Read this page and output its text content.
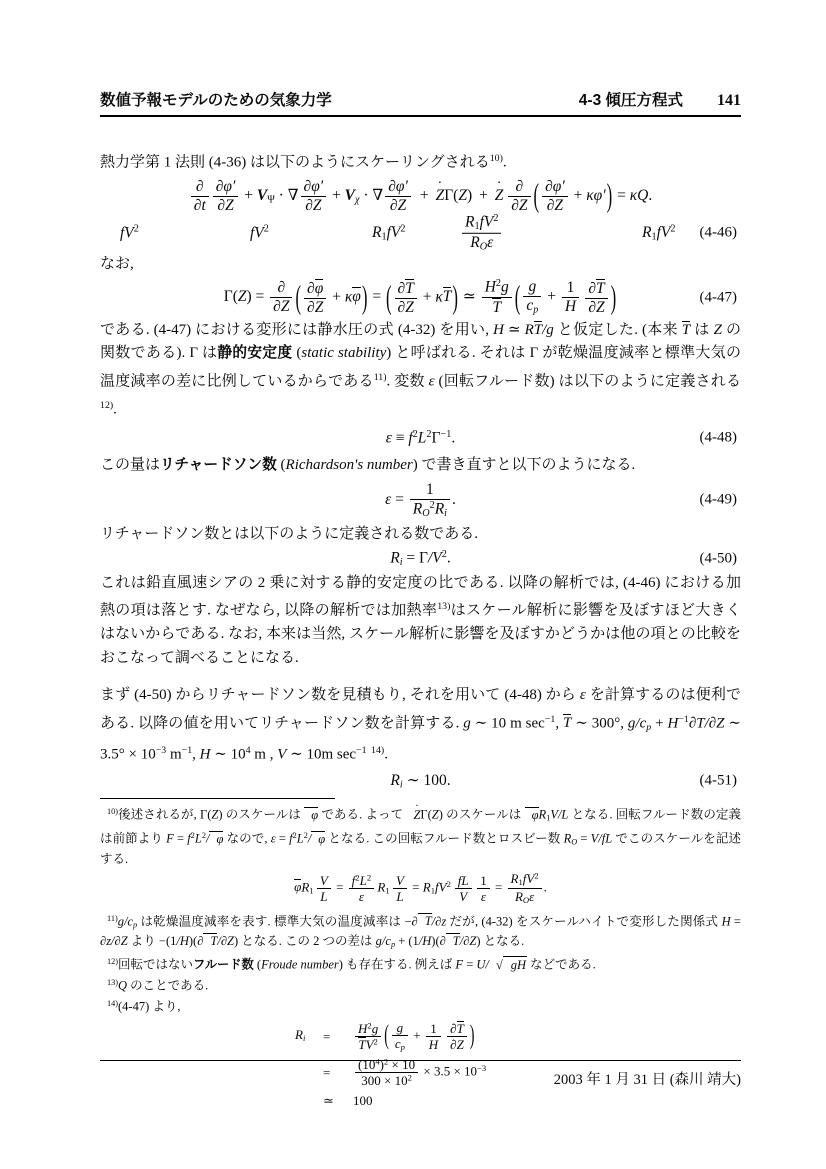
数値予報モデルのための気象力学	4-3 傾圧方程式 141

熱力学第 1 法則 (4-36) は以下のようにスケーリングされる$^{10)}$.

$\frac{\partial}{\partial t} \frac{\partial\varphi'}{\partial Z} + V\Psi$ · ∇ $\frac{\partial\varphi'}{\partial Z} + V\chi$ · ∇ $\frac{\partial\varphi'}{\partial Z} + Z$ ˙Γ(Z) + Z ˙ $\frac{\partial}{\partial Z}$ ( $\frac{\partial\varphi'}{\partial Z} + \kappa\varphi'$ ) = κQ.
$fV^2$	$fV^2$	$R1fV^2$	$\frac{R1fV^2}{\text{ROε}}$	$R1fV^2$ (4-46)

なお,

$\Gamma(Z) = \frac{\partial}{\partial Z}$ ( $\frac{\partial\varphi}{\partial Z} + \kappa\varphi$ ) = ( $\frac{\partial T}{\partial Z} + \kappa T$ ) ≃ $\frac{H^2g}{T}$ ( $\frac{g}{cp} + \frac{1}{H} \frac{\partial T}{\partial Z}$ )	(4-47)

である. (4-47) における変形には静水圧の式 (4-32) を用い, H ≃ RT/g と仮定した. (本来 T は Z の関数である). Γ は静的安定度 (static stability) と呼ばれる. それは Γ が乾燥温度減率と標準大気の温度減率の差に比例しているからである$^{11)}$. 変数 ε (回転フルード数) は以下のように定義される$^{12)}$.

$\varepsilon \equiv f^2L^2\Gamma^{-1}$.	(4-48)

この量はリチャードソン数 (Richardson's number) で書き直すと以下のようになる.

$\varepsilon = \frac{1}{RO^2Ri}$ .	(4-49)

リチャードソン数とは以下のように定義される数である.

$Ri = \Gamma/V^2$.	(4-50)

これは鉛直風速シアの 2 乗に対する静的安定度の比である. 以降の解析では, (4-46) における加熱の項は落とす. なぜなら, 以降の解析では加熱率$^{13)}$はスケール解析に影響を及ぼすほど大きくはないからである. なお, 本来は当然, スケール解析に影響を及ぼすかどうかは他の項との比較をおこなって調べることになる.

まず (4-50) からリチャードソン数を見積もり, それを用いて (4-48) から ε を計算するのは便利である. 以降の値を用いてリチャードソン数を計算する. g ∼ 10 m $\sec^{-1}$, T ∼ 300°, $g/cp + H^{-1}\partial T/\partial Z$ ∼ $3.5^\circ \times 10^{-3}$ $m^{-1}$, H ∼ $10^4$ m , V ∼ 10m $\sec^{-1} ^{14)}$.

Ri ∼ 100.	(4-51)

$^{10)}$後述されるが, Γ(Z) のスケールは φ である. よって Z ˙Γ(Z) のスケールは φR1V/L となる. 回転フルード数の定義は前節より $F = f^2L^2/$ φ なので, $\varepsilon = f^2L^2/$ φ となる. この回転フルード数とロスビー数 RO = V/fL でこのスケールを記述する.

$\varphi R1 \frac{V}{L} = \frac{f^2L^2}{\varepsilon} R1 \frac{V}{L} = R1fV^2 \frac{fL}{V} \frac{1}{\varepsilon} = \frac{R1fV^2}{\text{ROε}}$ .

$^{11)}$g/cp は乾燥温度減率を表す. 標準大気の温度減率は −∂ T/∂z だが, (4-32) をスケールハイトで変形した関係式 H = ∂z/∂Z より −(1/H)(∂ T/∂Z) となる. この 2 つの差は g/cp + (1/H)(∂ T/∂Z) となる.

$^{12)}$回転ではないフルード数 (Froude number) も存在する. 例えば F = U/ √ gH などである.

$^{13)}$Q のことである.

$^{14)}$(4-47) より,

Ri	=	$\frac{H^2g}{TV^2}$ ( $\frac{g}{cp} + \frac{1}{H} \frac{\partial T}{\partial Z}$ )
=	$\frac{(10^4)^2 \times 10}{300 \times 10^2} \times 3.5 \times 10^{-3}$
≃	100
2003 年 1 月 31 日 (森川 靖大)
